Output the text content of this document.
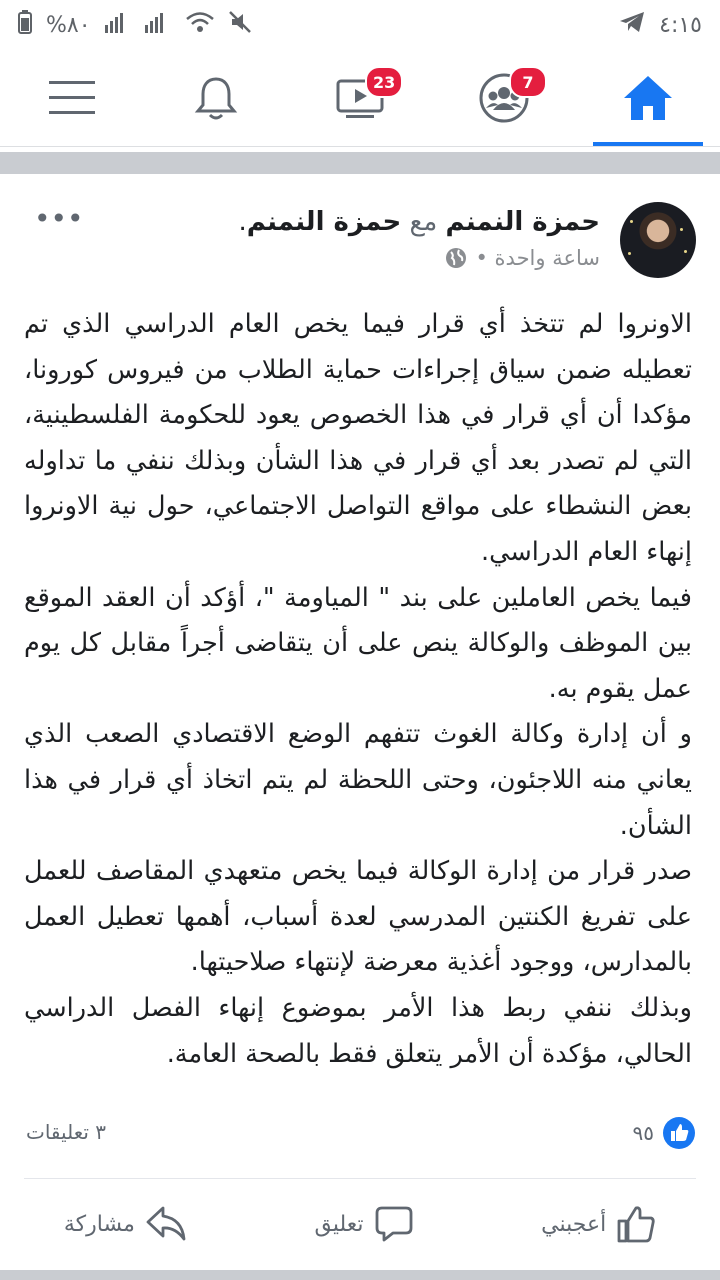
%٨٠	٤:١٥
23	7
حمزة النمنم مع حمزة النمنم.
ساعة واحدة •
•••
الاونروا لم تتخذ أي قرار فيما يخص العام الدراسي الذي تم تعطيله ضمن سياق إجراءات حماية الطلاب من فيروس كورونا، مؤكدا أن أي قرار في هذا الخصوص يعود للحكومة الفلسطينية، التي لم تصدر بعد أي قرار في هذا الشأن وبذلك ننفي ما تداوله بعض النشطاء على مواقع التواصل الاجتماعي، حول نية الاونروا إنهاء العام الدراسي.
فيما يخص العاملين على بند " المياومة "، أؤكد أن العقد الموقع بين الموظف والوكالة ينص على أن يتقاضى أجراً مقابل كل يوم عمل يقوم به.
و أن إدارة وكالة الغوث تتفهم الوضع الاقتصادي الصعب الذي يعاني منه اللاجئون، وحتى اللحظة لم يتم اتخاذ أي قرار في هذا الشأن.
صدر قرار من إدارة الوكالة فيما يخص متعهدي المقاصف للعمل على تفريغ الكنتين المدرسي لعدة أسباب، أهمها تعطيل العمل بالمدارس، ووجود أغذية معرضة لإنتهاء صلاحيتها.
وبذلك ننفي ربط هذا الأمر بموضوع إنهاء الفصل الدراسي الحالي، مؤكدة أن الأمر يتعلق فقط بالصحة العامة.
٩٥
٣ تعليقات
أعجبني
تعليق
مشاركة
